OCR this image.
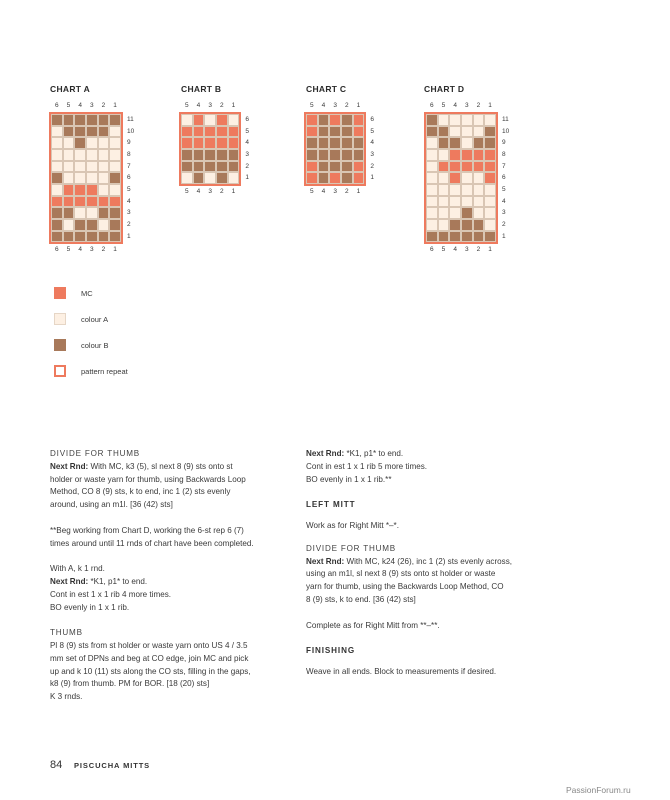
CHART A
6	5	4	3	2	1
11
10
9
8
7
6
5
4
3
2
1
6	5	4	3	2	1
CHART B
5	4	3	2	1
6
5
4
3
2
1
5	4	3	2	1
CHART C
5	4	3	2	1
6
5
4
3
2
1
5	4	3	2	1
CHART D
6	5	4	3	2	1
11
10
9
8
7
6
5
4
3
2
1
6	5	4	3	2	1
MC
colour A
colour B
pattern repeat

DIVIDE FOR THUMB

Next Rnd: With MC, k3 (5), sl next 8 (9) sts onto st

holder or waste yarn for thumb, using Backwards Loop

Method, CO 8 (9) sts, k to end, inc 1 (2) sts evenly

around, using an m1l. [36 (42) sts]

**Beg working from Chart D, working the 6-st rep 6 (7)

times around until 11 rnds of chart have been completed.

With A, k 1 rnd.

Next Rnd: *K1, p1* to end.

Cont in est 1 x 1 rib 4 more times.

BO evenly in 1 x 1 rib.

THUMB

Pl 8 (9) sts from st holder or waste yarn onto US 4 / 3.5

mm set of DPNs and beg at CO edge, join MC and pick

up and k 10 (11) sts along the CO sts, filling in the gaps,

k8 (9) from thumb. PM for BOR. [18 (20) sts]

K 3 rnds.

Next Rnd: *K1, p1* to end.

Cont in est 1 x 1 rib 5 more times.

BO evenly in 1 x 1 rib.**

LEFT MITT

Work as for Right Mitt *–*.

DIVIDE FOR THUMB

Next Rnd: With MC, k24 (26), inc 1 (2) sts evenly across,

using an m1l, sl next 8 (9) sts onto st holder or waste

yarn for thumb, using the Backwards Loop Method, CO

8 (9) sts, k to end. [36 (42) sts]

Complete as for Right Mitt from **–**.

FINISHING

Weave in all ends. Block to measurements if desired.

84 PISCUCHA MITTS
PassionForum.ru
